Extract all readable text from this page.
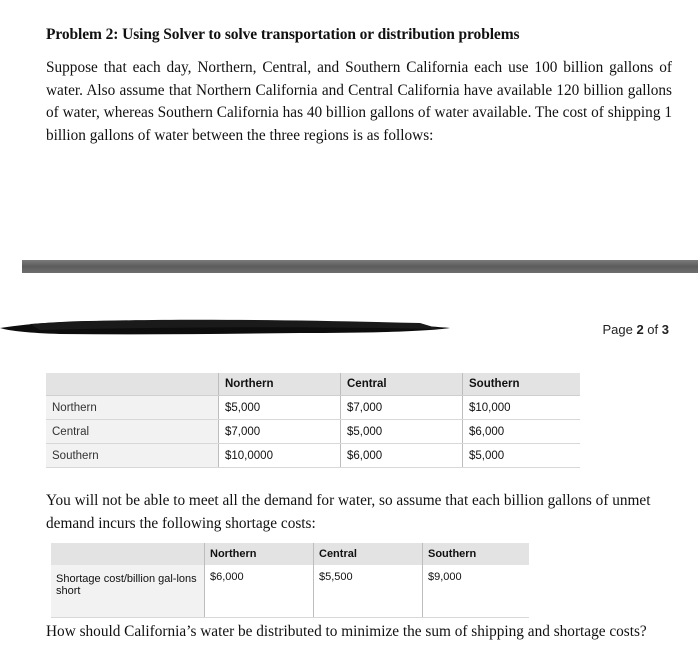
Problem 2: Using Solver to solve transportation or distribution problems
Suppose that each day, Northern, Central, and Southern California each use 100 billion gallons of water. Also assume that Northern California and Central California have available 120 billion gallons of water, whereas Southern California has 40 billion gallons of water available. The cost of shipping 1 billion gallons of water between the three regions is as follows:
Page 2 of 3
	Northern	Central	Southern
Northern	$5,000	$7,000	$10,000
Central	$7,000	$5,000	$6,000
Southern	$10,0000	$6,000	$5,000
You will not be able to meet all the demand for water, so assume that each billion gallons of unmet demand incurs the following shortage costs:
	Northern	Central	Southern
Shortage cost/billion gal-lons short	$6,000	$5,500	$9,000
How should California’s water be distributed to minimize the sum of shipping and shortage costs?
